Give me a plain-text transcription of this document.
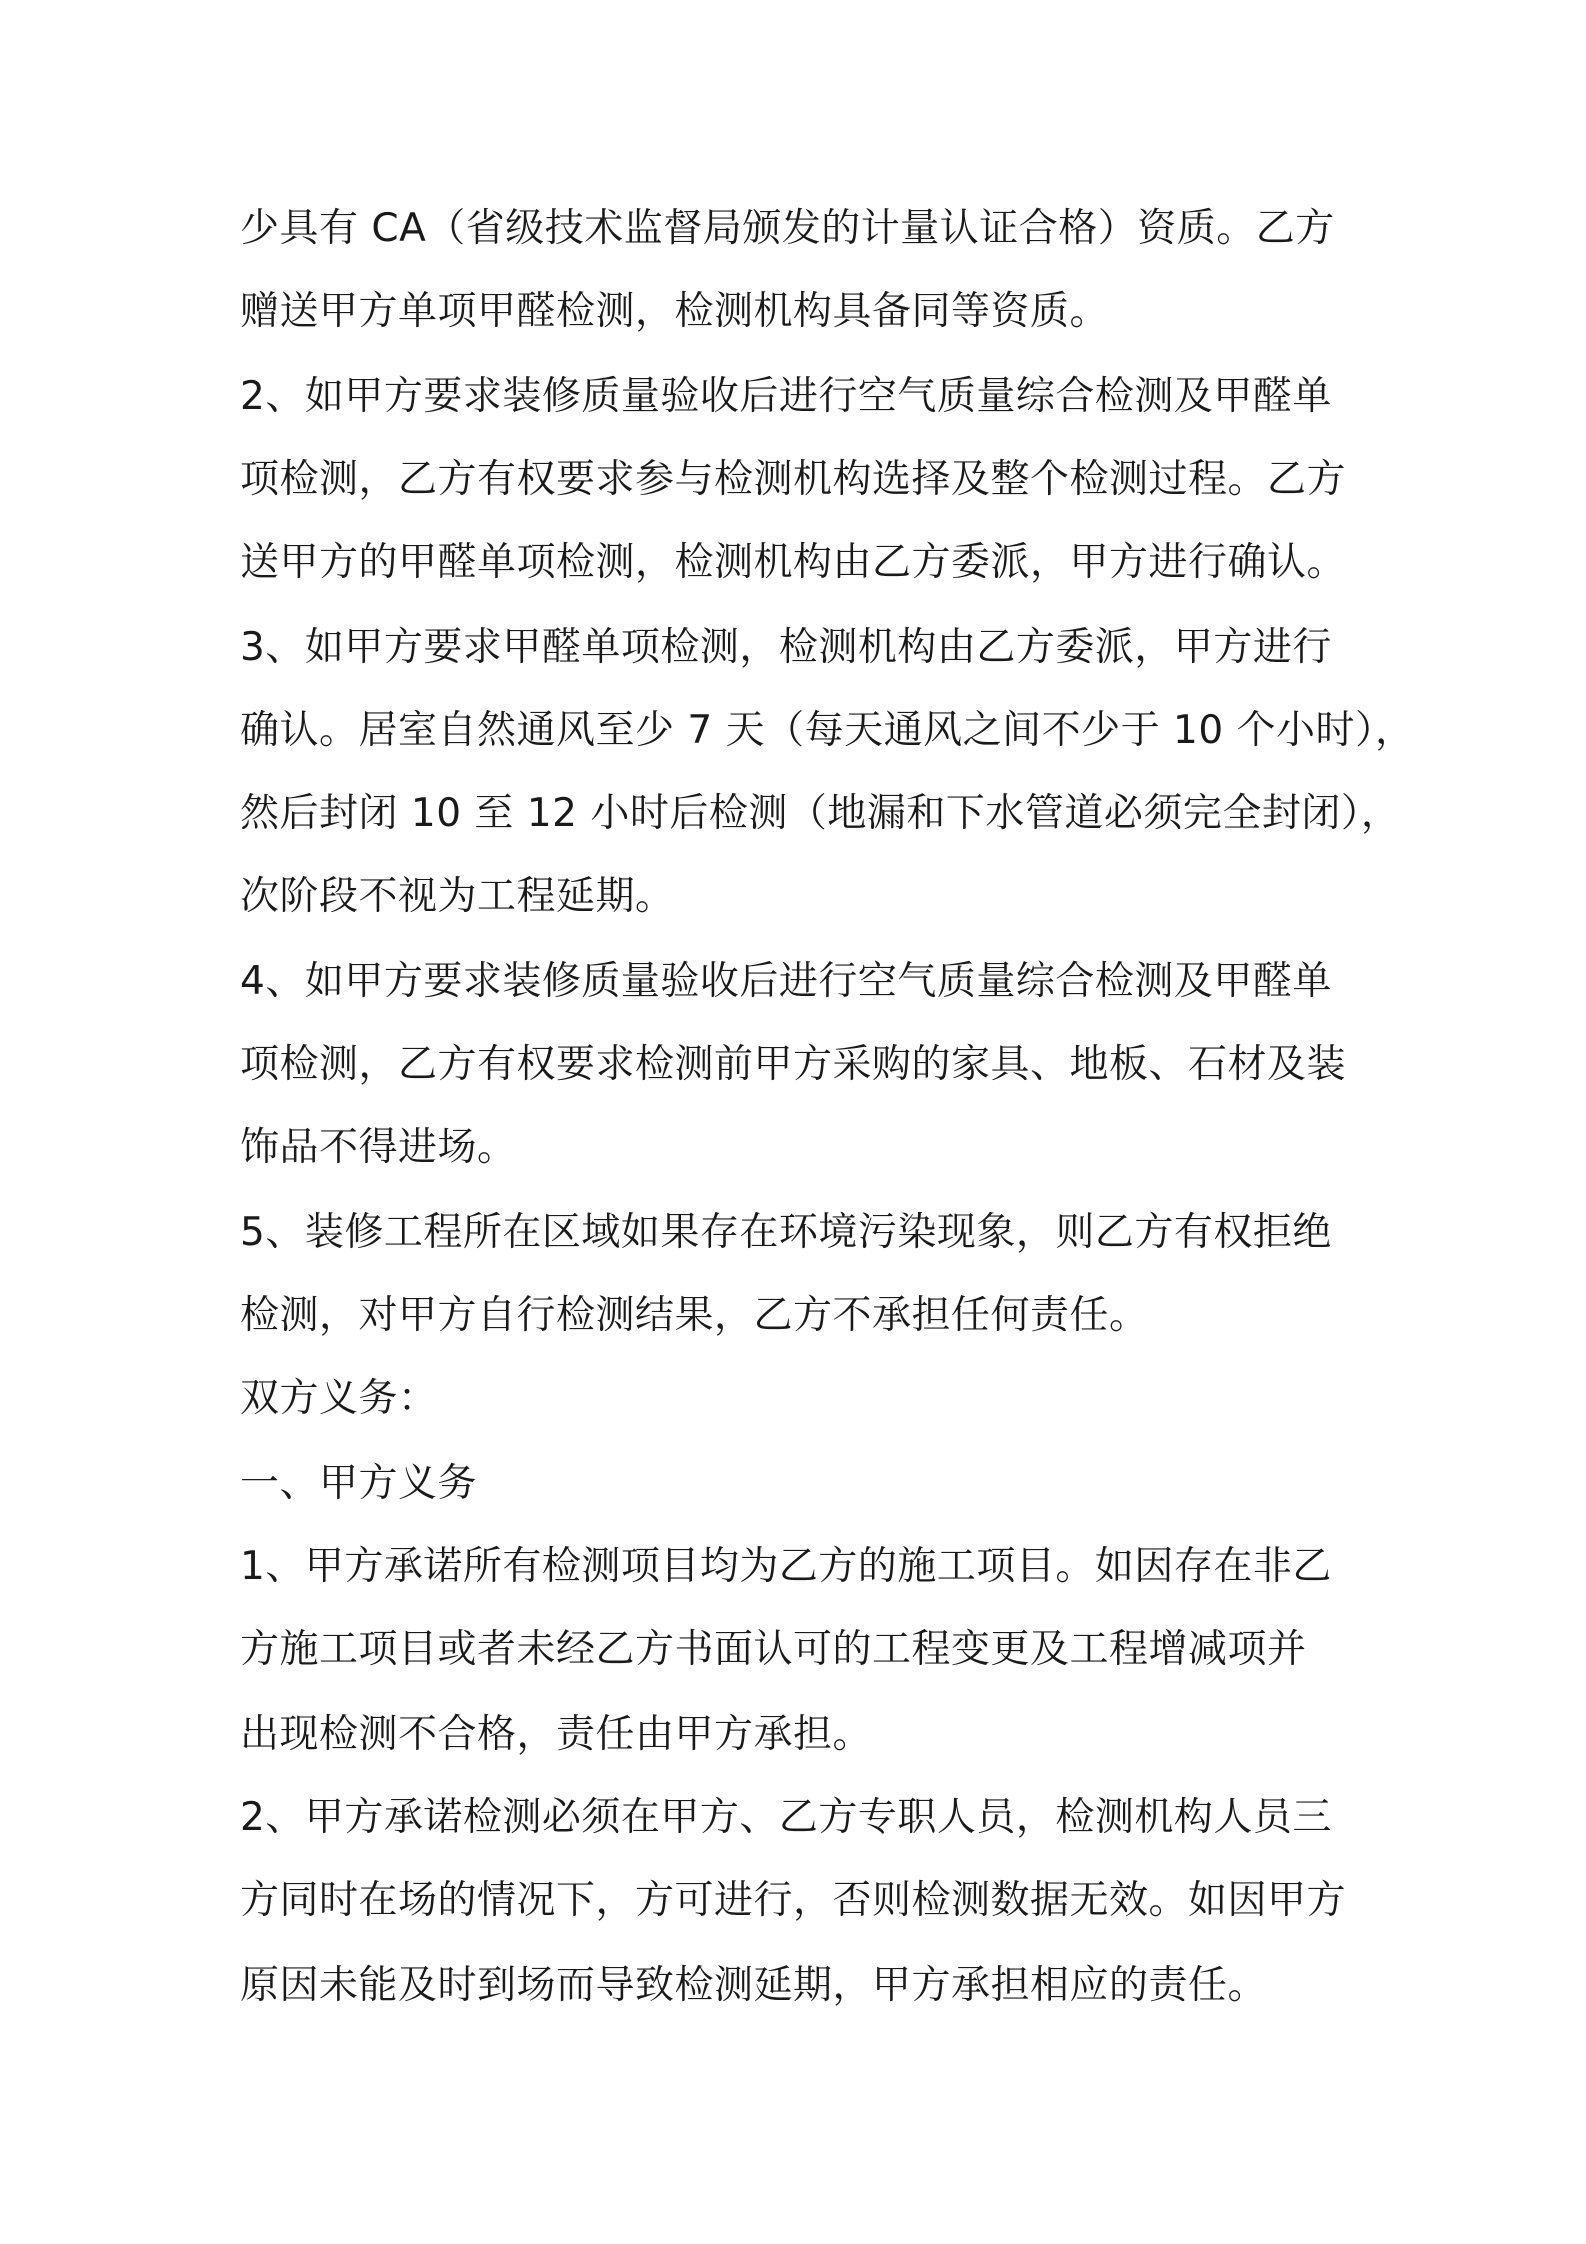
少具有 CA（省级技术监督局颁发的计量认证合格）资质。乙方
赠送甲方单项甲醛检测，检测机构具备同等资质。
2、如甲方要求装修质量验收后进行空气质量综合检测及甲醛单
项检测，乙方有权要求参与检测机构选择及整个检测过程。乙方
送甲方的甲醛单项检测，检测机构由乙方委派，甲方进行确认。
3、如甲方要求甲醛单项检测，检测机构由乙方委派，甲方进行
确认。居室自然通风至少 7 天（每天通风之间不少于 10 个小时），
然后封闭 10 至 12 小时后检测（地漏和下水管道必须完全封闭），
次阶段不视为工程延期。
4、如甲方要求装修质量验收后进行空气质量综合检测及甲醛单
项检测，乙方有权要求检测前甲方采购的家具、地板、石材及装
饰品不得进场。
5、装修工程所在区域如果存在环境污染现象，则乙方有权拒绝
检测，对甲方自行检测结果，乙方不承担任何责任。
双方义务：
一、甲方义务
1、甲方承诺所有检测项目均为乙方的施工项目。如因存在非乙
方施工项目或者未经乙方书面认可的工程变更及工程增减项并
出现检测不合格，责任由甲方承担。
2、甲方承诺检测必须在甲方、乙方专职人员，检测机构人员三
方同时在场的情况下，方可进行，否则检测数据无效。如因甲方
原因未能及时到场而导致检测延期，甲方承担相应的责任。
